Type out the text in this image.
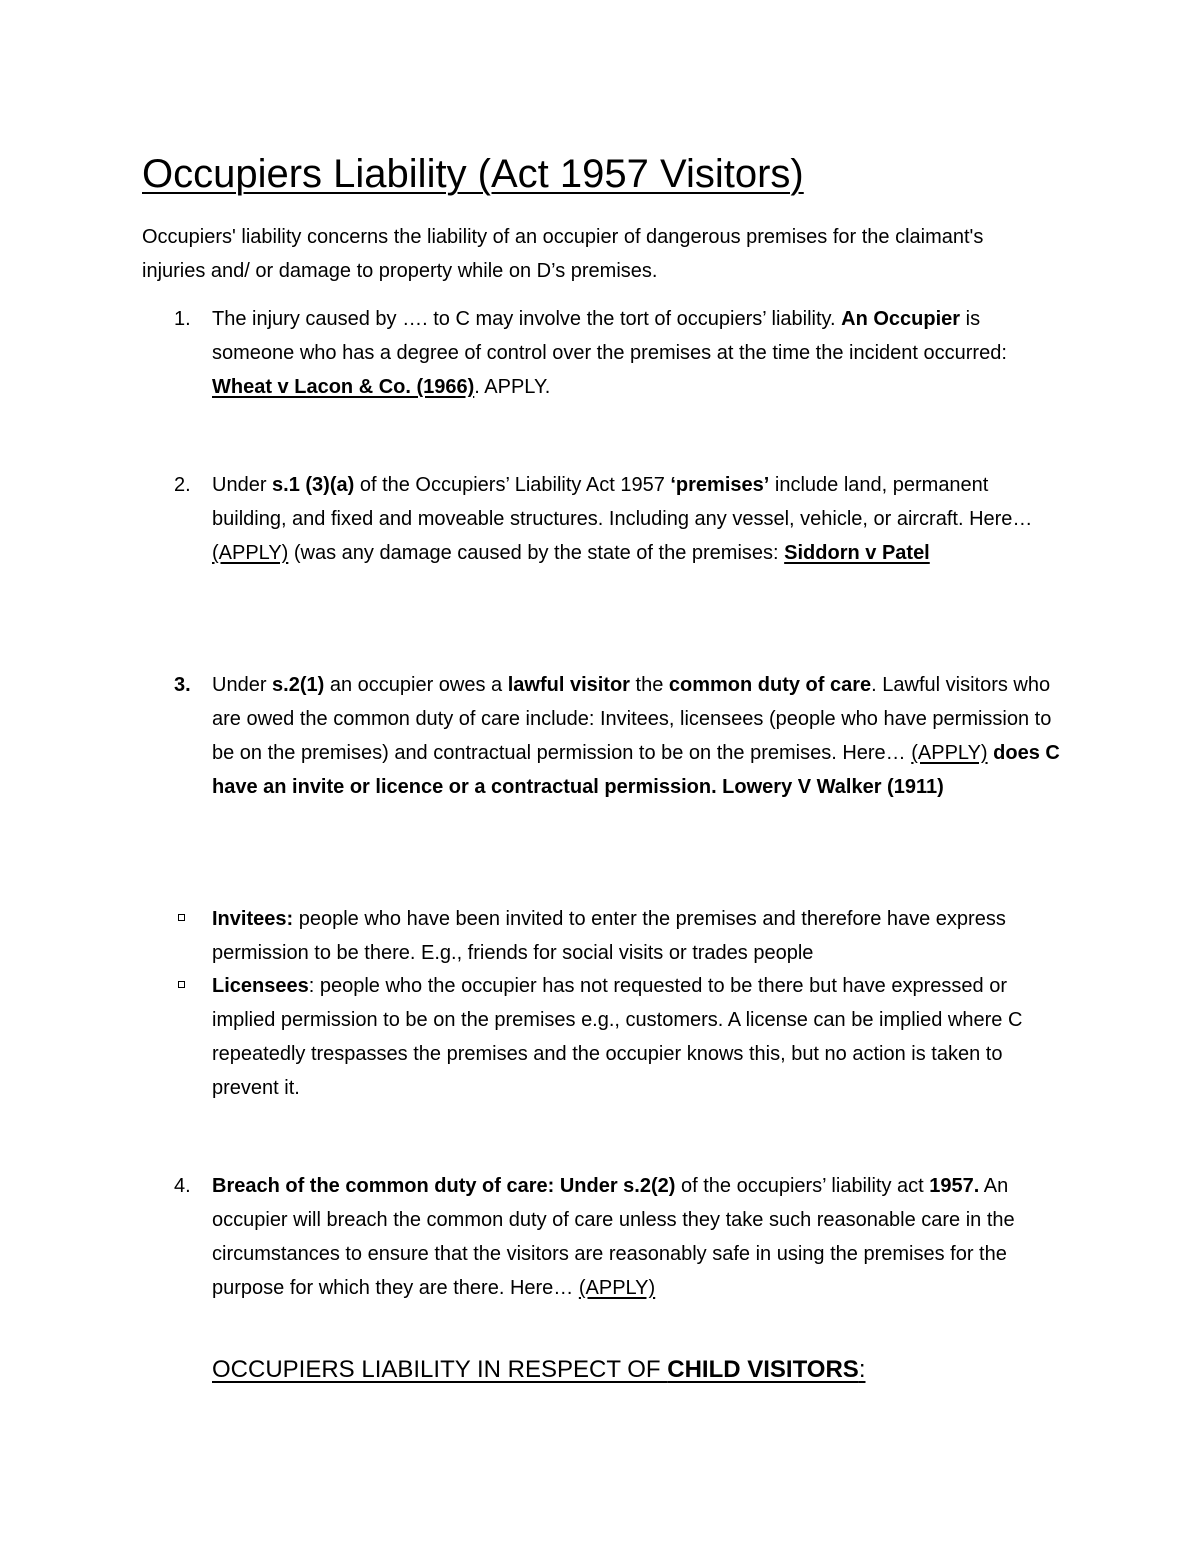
Occupiers Liability (Act 1957 Visitors)

Occupiers' liability concerns the liability of an occupier of dangerous premises for the claimant's injuries and/ or damage to property while on D’s premises.

1. The injury caused by …. to C may involve the tort of occupiers’ liability. An Occupier is someone who has a degree of control over the premises at the time the incident occurred: Wheat v Lacon & Co. (1966). APPLY.
2. Under s.1 (3)(a) of the Occupiers’ Liability Act 1957 ‘premises’ include land, permanent building, and fixed and moveable structures. Including any vessel, vehicle, or aircraft. Here… (APPLY) (was any damage caused by the state of the premises: Siddorn v Patel
3. Under s.2(1) an occupier owes a lawful visitor the common duty of care. Lawful visitors who are owed the common duty of care include: Invitees, licensees (people who have permission to be on the premises) and contractual permission to be on the premises. Here… (APPLY) does C have an invite or licence or a contractual permission. Lowery V Walker (1911)
Invitees: people who have been invited to enter the premises and therefore have express permission to be there. E.g., friends for social visits or trades people
Licensees: people who the occupier has not requested to be there but have expressed or implied permission to be on the premises e.g., customers. A license can be implied where C repeatedly trespasses the premises and the occupier knows this, but no action is taken to prevent it.
4. Breach of the common duty of care: Under s.2(2) of the occupiers’ liability act 1957. An occupier will breach the common duty of care unless they take such reasonable care in the circumstances to ensure that the visitors are reasonably safe in using the premises for the purpose for which they are there. Here… (APPLY)
OCCUPIERS LIABILITY IN RESPECT OF CHILD VISITORS:
